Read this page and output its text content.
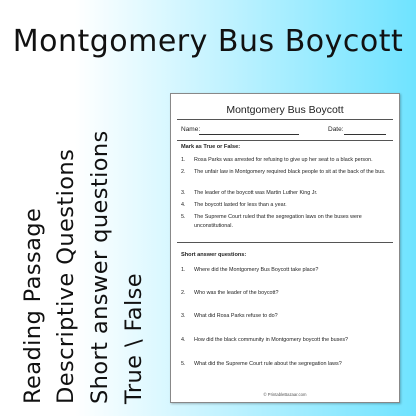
Montgomery Bus Boycott
Reading Passage Descriptive Questions Short answer questions True \ False
Montgomery Bus Boycott
Name:	Date:
Mark as True or False:
1. Rosa Parks was arrested for refusing to give up her seat to a black person.
2. The unfair law in Montgomery required black people to sit at the back of the bus.
3. The leader of the boycott was Martin Luther King Jr.
4. The boycott lasted for less than a year.
5. The Supreme Court ruled that the segregation laws on the buses were unconstitutional.
Short answer questions:
1. Where did the Montgomery Bus Boycott take place?
2. Who was the leader of the boycott?
3. What did Rosa Parks refuse to do?
4. How did the black community in Montgomery boycott the buses?
5. What did the Supreme Court rule about the segregation laws?
© PrintableBazaar.com
